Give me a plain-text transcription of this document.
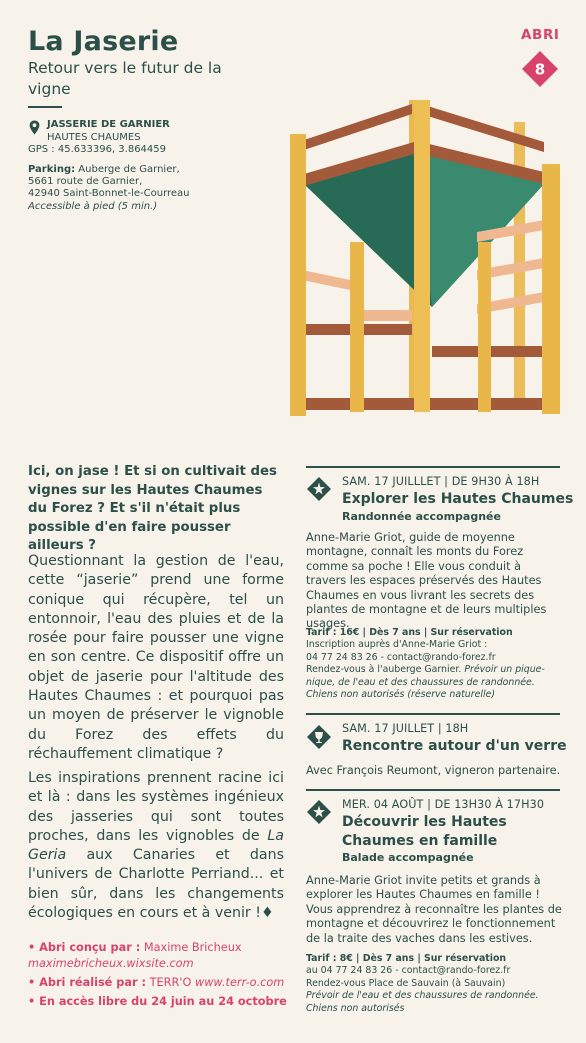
La Jaserie
Retour vers le futur de la vigne
ABRI
8
JASSERIE DE GARNIER
HAUTES CHAUMES
GPS : 45.633396, 3.864459
Parking: Auberge de Garnier,
5661 route de Garnier,
42940 Saint-Bonnet-le-Courreau
Accessible à pied (5 min.)
Ici, on jase ! Et si on cultivait des vignes sur les Hautes Chaumes du Forez ? Et s'il n'était plus possible d'en faire pousser ailleurs ?
Questionnant la gestion de l'eau, cette “jaserie” prend une forme conique qui récupère, tel un entonnoir, l'eau des pluies et de la rosée pour faire pousser une vigne en son centre. Ce dispositif offre un objet de jaserie pour l'altitude des Hautes Chaumes : et pourquoi pas un moyen de préserver le vignoble du Forez des effets du réchauffement climatique ?
Les inspirations prennent racine ici et là : dans les systèmes ingénieux des jasseries qui sont toutes proches, dans les vignobles de La Geria aux Canaries et dans l'univers de Charlotte Perriand... et bien sûr, dans les changements écologiques en cours et à venir !♦
• Abri conçu par : Maxime Bricheux
maximebricheux.wixsite.com
• Abri réalisé par : TERR'O www.terr-o.com
• En accès libre du 24 juin au 24 octobre
SAM. 17 JUILLLET | DE 9H30 À 18H
Explorer les Hautes Chaumes
Randonnée accompagnée
Anne-Marie Griot, guide de moyenne montagne, connaît les monts du Forez comme sa poche ! Elle vous conduit à travers les espaces préservés des Hautes Chaumes en vous livrant les secrets des plantes de montagne et de leurs multiples usages.
Tarif : 16€ | Dès 7 ans | Sur réservation
Inscription auprès d'Anne-Marie Griot :
04 77 24 83 26 - contact@rando-forez.fr
Rendez-vous à l'auberge Garnier. Prévoir un pique-nique, de l'eau et des chaussures de randonnée.
Chiens non autorisés (réserve naturelle)
SAM. 17 JUILLET | 18H
Rencontre autour d'un verre
Avec François Reumont, vigneron partenaire.
MER. 04 AOÛT | DE 13H30 À 17H30
Découvrir les Hautes Chaumes en famille
Balade accompagnée
Anne-Marie Griot invite petits et grands à explorer les Hautes Chaumes en famille ! Vous apprendrez à reconnaître les plantes de montagne et découvrirez le fonctionnement de la traite des vaches dans les estives.
Tarif : 8€ | Dès 7 ans | Sur réservation
au 04 77 24 83 26 - contact@rando-forez.fr
Rendez-vous Place de Sauvain (à Sauvain)
Prévoir de l'eau et des chaussures de randonnée.
Chiens non autorisés
